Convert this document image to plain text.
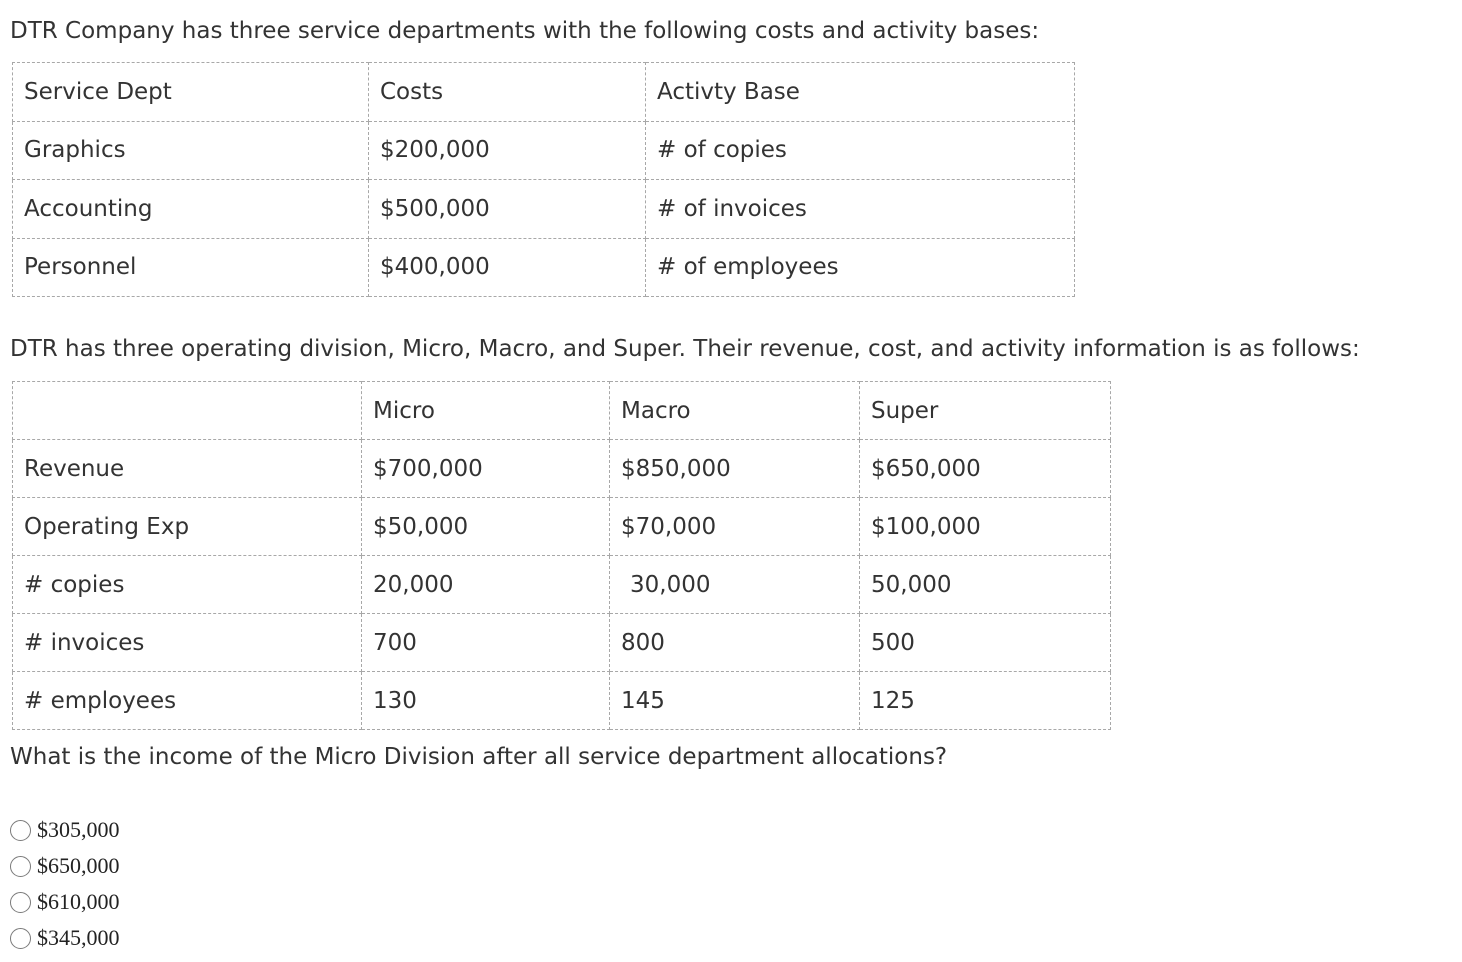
DTR Company has three service departments with the following costs and activity bases:

Service Dept	Costs	Activty Base
Graphics	$200,000	# of copies
Accounting	$500,000	# of invoices
Personnel	$400,000	# of employees

DTR has three operating division, Micro, Macro, and Super. Their revenue, cost, and activity information is as follows:

	Micro	Macro	Super
Revenue	$700,000	$850,000	$650,000
Operating Exp	$50,000	$70,000	$100,000
# copies	20,000	30,000	50,000
# invoices	700	800	500
# employees	130	145	125

What is the income of the Micro Division after all service department allocations?

$305,000
$650,000
$610,000
$345,000
